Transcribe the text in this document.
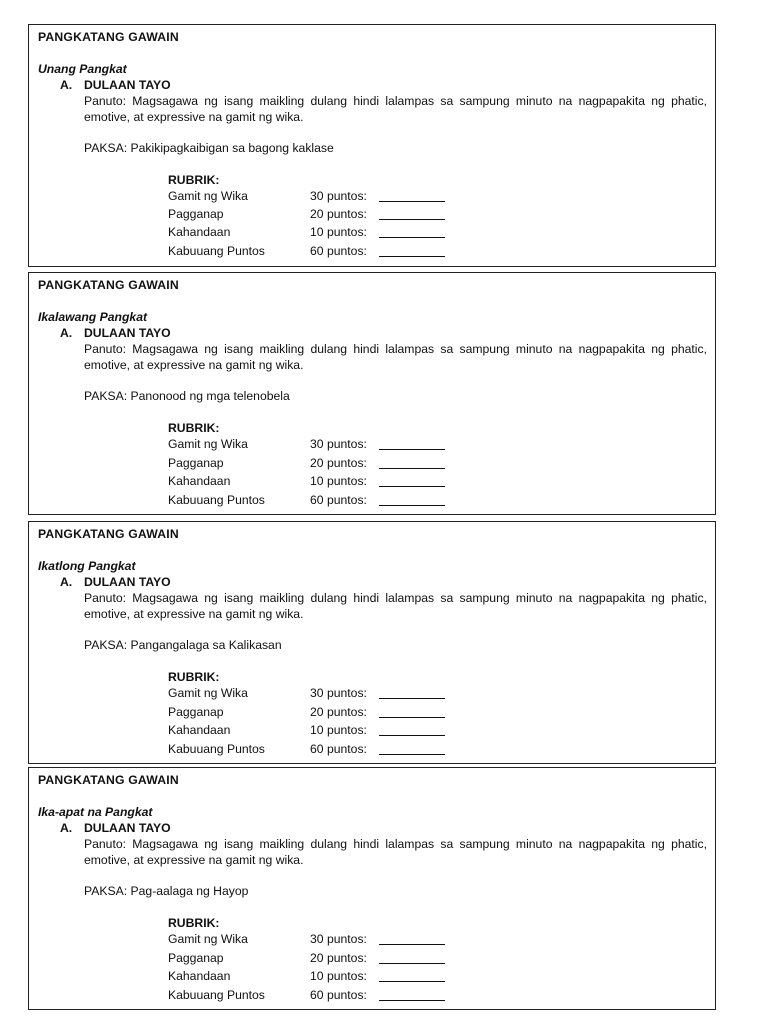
PANGKATANG GAWAIN
Unang Pangkat
A. DULAAN TAYO
Panuto: Magsagawa ng isang maikling dulang hindi lalampas sa sampung minuto na nagpapakita ng phatic, emotive, at expressive na gamit ng wika.
PAKSA: Pakikipagkaibigan sa bagong kaklase
RUBRIK:
Gamit ng Wika	30 puntos:
Pagganap	20 puntos:
Kahandaan	10 puntos:
Kabuuang Puntos	60 puntos:
PANGKATANG GAWAIN
Ikalawang Pangkat
A. DULAAN TAYO
Panuto: Magsagawa ng isang maikling dulang hindi lalampas sa sampung minuto na nagpapakita ng phatic, emotive, at expressive na gamit ng wika.
PAKSA: Panonood ng mga telenobela
RUBRIK:
Gamit ng Wika	30 puntos:
Pagganap	20 puntos:
Kahandaan	10 puntos:
Kabuuang Puntos	60 puntos:
PANGKATANG GAWAIN
Ikatlong Pangkat
A. DULAAN TAYO
Panuto: Magsagawa ng isang maikling dulang hindi lalampas sa sampung minuto na nagpapakita ng phatic, emotive, at expressive na gamit ng wika.
PAKSA: Pangangalaga sa Kalikasan
RUBRIK:
Gamit ng Wika	30 puntos:
Pagganap	20 puntos:
Kahandaan	10 puntos:
Kabuuang Puntos	60 puntos:
PANGKATANG GAWAIN
Ika-apat na Pangkat
A. DULAAN TAYO
Panuto: Magsagawa ng isang maikling dulang hindi lalampas sa sampung minuto na nagpapakita ng phatic, emotive, at expressive na gamit ng wika.
PAKSA: Pag-aalaga ng Hayop
RUBRIK:
Gamit ng Wika	30 puntos:
Pagganap	20 puntos:
Kahandaan	10 puntos:
Kabuuang Puntos	60 puntos:
